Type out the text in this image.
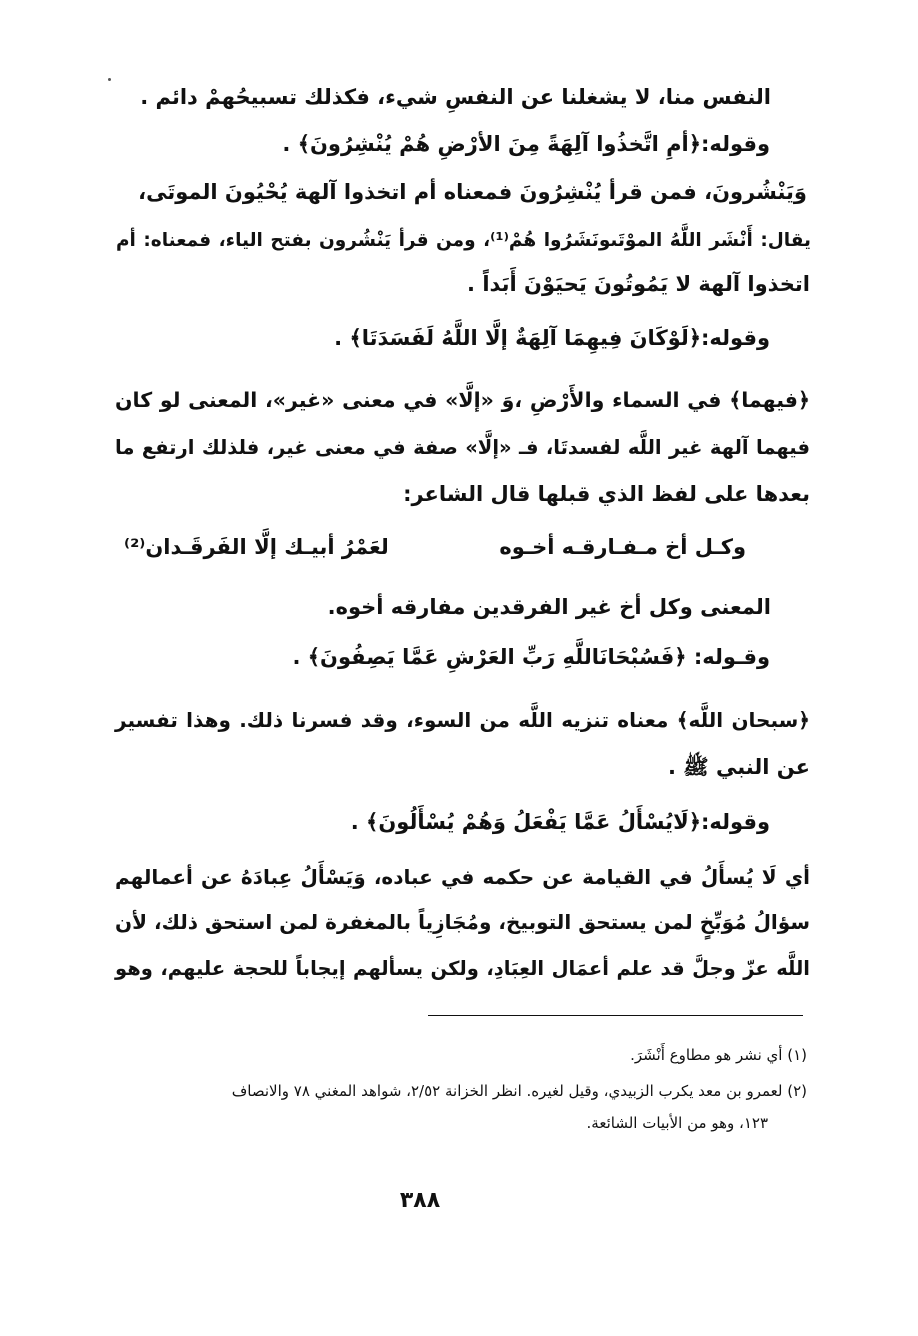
النفس منا، لا يشغلنا عن النفسِ شيء، فكذلك تسبيحُهمْ دائم .
وقوله:﴿أمِ اتَّخذُوا آلِهَةً مِنَ الأرْضِ هُمْ يُنْشِرُونَ﴾ .
وَيَنْشُرونَ، فمن قرأ يُنْشِرُونَ فمعناه أم اتخذوا آلهة يُحْيُونَ الموتَى،
يقال: أَنْشَر اللَّهُ الموْتَىونَشَرُوا هُمْ⁽¹⁾، ومن قرأ يَنْشُرون بفتح الياء، فمعناه: أم
اتخذوا آلهة لا يَمُوتُونَ يَحيَوْنَ أَبَداً .
وقوله:﴿لَوْكَانَ فِيهِمَا آلِهَةٌ إلَّا اللَّهُ لَفَسَدَتَا﴾ .
﴿فيهما﴾ في السماء والأَرْضِ ،وَ «إلَّا» في معنى «غير»، المعنى لو كان
فيهما آلهة غير اللَّه لفسدتَا، فـ «إلَّا» صفة في معنى غير، فلذلك ارتفع ما
بعدها على لفظ الذي قبلها قال الشاعر:
وكـل أخ مـفـارقـه أخـوه
لعَمْرُ أبيـك إلَّا الفَرقَـدان⁽²⁾
المعنى وكل أخ غير الفرقدين مفارقه أخوه.
وقـوله: ﴿فَسُبْحَانَاللَّهِ رَبِّ العَرْشِ عَمَّا يَصِفُونَ﴾ .
﴿سبحان اللَّه﴾ معناه تنزيه اللَّه من السوء، وقد فسرنا ذلك. وهذا تفسير
عن النبي ﷺ .
وقوله:﴿لَايُسْأَلُ عَمَّا يَفْعَلُ وَهُمْ يُسْأَلُونَ﴾ .
أي لَا يُسأَلُ في القيامة عن حكمه في عباده، وَيَسْأَلُ عِبادَهُ عن أعمالهم
سؤالُ مُوَبِّخٍ لمن يستحق التوبيخ، ومُجَازِياً بالمغفرة لمن استحق ذلك، لأن
اللَّه عزّ وجلَّ قد علم أعمَال العِبَادِ، ولكن يسألهم إيجاباً للحجة عليهم، وهو
(١) أي نشر هو مطاوع أَنْشَرَ.
(٢) لعمرو بن معد يكرب الزبيدي، وقيل لغيره. انظر الخزانة ٢/٥٢، شواهد المغني ٧٨ والانصاف
١٢٣، وهو من الأبيات الشائعة.
٣٨٨
